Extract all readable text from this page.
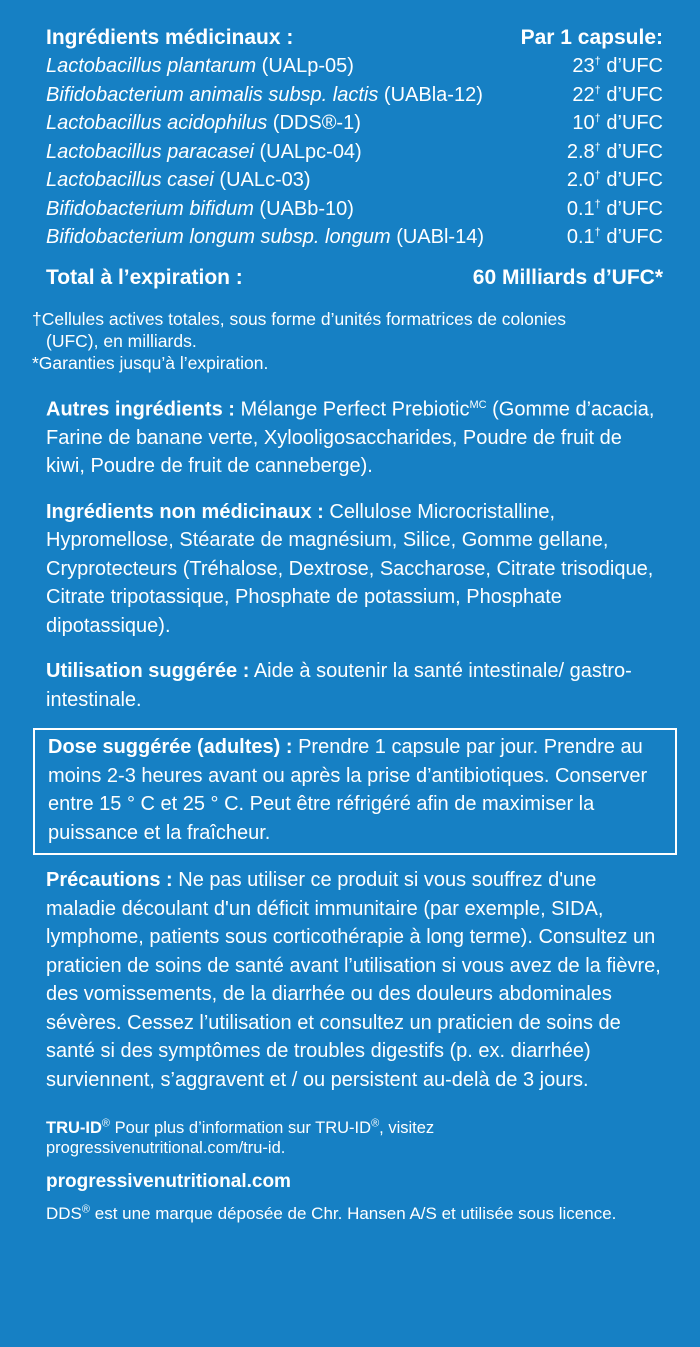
Ingrédients médicinaux :	Par 1 capsule:
Lactobacillus plantarum (UALp-05)	23† d’UFC
Bifidobacterium animalis subsp. lactis (UABla-12)	22† d’UFC
Lactobacillus acidophilus (DDS®-1)	10† d’UFC
Lactobacillus paracasei (UALpc-04)	2.8† d’UFC
Lactobacillus casei (UALc-03)	2.0† d’UFC
Bifidobacterium bifidum (UABb-10)	0.1† d’UFC
Bifidobacterium longum subsp. longum (UABl-14)	0.1† d’UFC
Total à l’expiration :	60 Milliards d’UFC*

†Cellules actives totales, sous forme d’unités formatrices de colonies

(UFC), en milliards.

*Garanties jusqu’à l’expiration.

Autres ingrédients : Mélange Perfect Prebiotic$^{MC}$ (Gomme d’acacia, Farine de banane verte, Xylooligosaccharides, Poudre de fruit de kiwi, Poudre de fruit de canneberge).
Ingrédients non médicinaux : Cellulose Microcristalline, Hypromellose, Stéarate de magnésium, Silice, Gomme gellane, Cryprotecteurs (Tréhalose, Dextrose, Saccharose, Citrate trisodique, Citrate tripotassique, Phosphate de potassium, Phosphate dipotassique).
Utilisation suggérée : Aide à soutenir la santé intestinale/ gastro-intestinale.
Dose suggérée (adultes) : Prendre 1 capsule par jour. Prendre au moins 2-3 heures avant ou après la prise d’antibiotiques. Conserver entre 15 ° C et 25 ° C. Peut être réfrigéré afin de maximiser la puissance et la fraîcheur.
Précautions : Ne pas utiliser ce produit si vous souffrez d'une maladie découlant d'un déficit immunitaire (par exemple, SIDA, lymphome, patients sous corticothérapie à long terme). Consultez un praticien de soins de santé avant l’utilisation si vous avez de la fièvre, des vomissements, de la diarrhée ou des douleurs abdominales sévères. Cessez l’utilisation et consultez un praticien de soins de santé si des symptômes de troubles digestifs (p. ex. diarrhée) surviennent, s’aggravent et / ou persistent au-delà de 3 jours.
TRU-ID® Pour plus d’information sur TRU-ID®, visitez
progressivenutritional.com/tru-id.
progressivenutritional.com
DDS® est une marque déposée de Chr. Hansen A/S et utilisée sous licence.
